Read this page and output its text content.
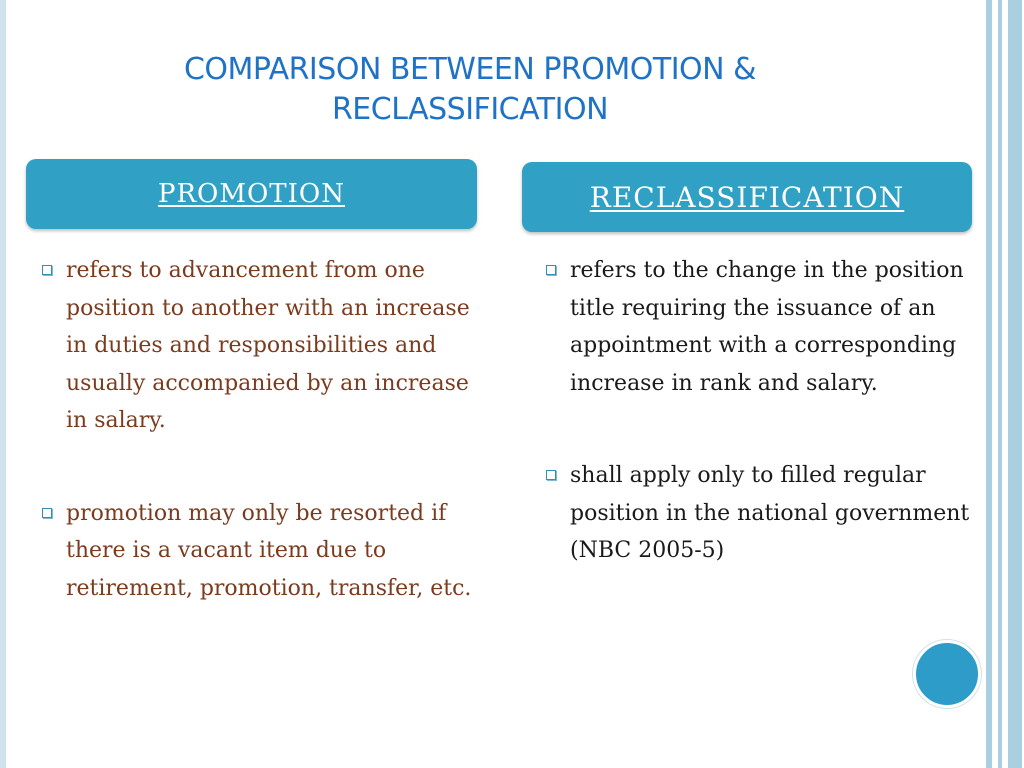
COMPARISON BETWEEN PROMOTION &
RECLASSIFICATION
PROMOTION	RECLASSIFICATION
refers to advancement from one position to another with an increase in duties and responsibilities and usually accompanied by an increase in salary.
promotion may only be resorted if there is a vacant item due to retirement, promotion, transfer, etc.
refers to the change in the position title requiring the issuance of an appointment with a corresponding increase in rank and salary.
shall apply only to filled regular position in the national government (NBC 2005-5)
